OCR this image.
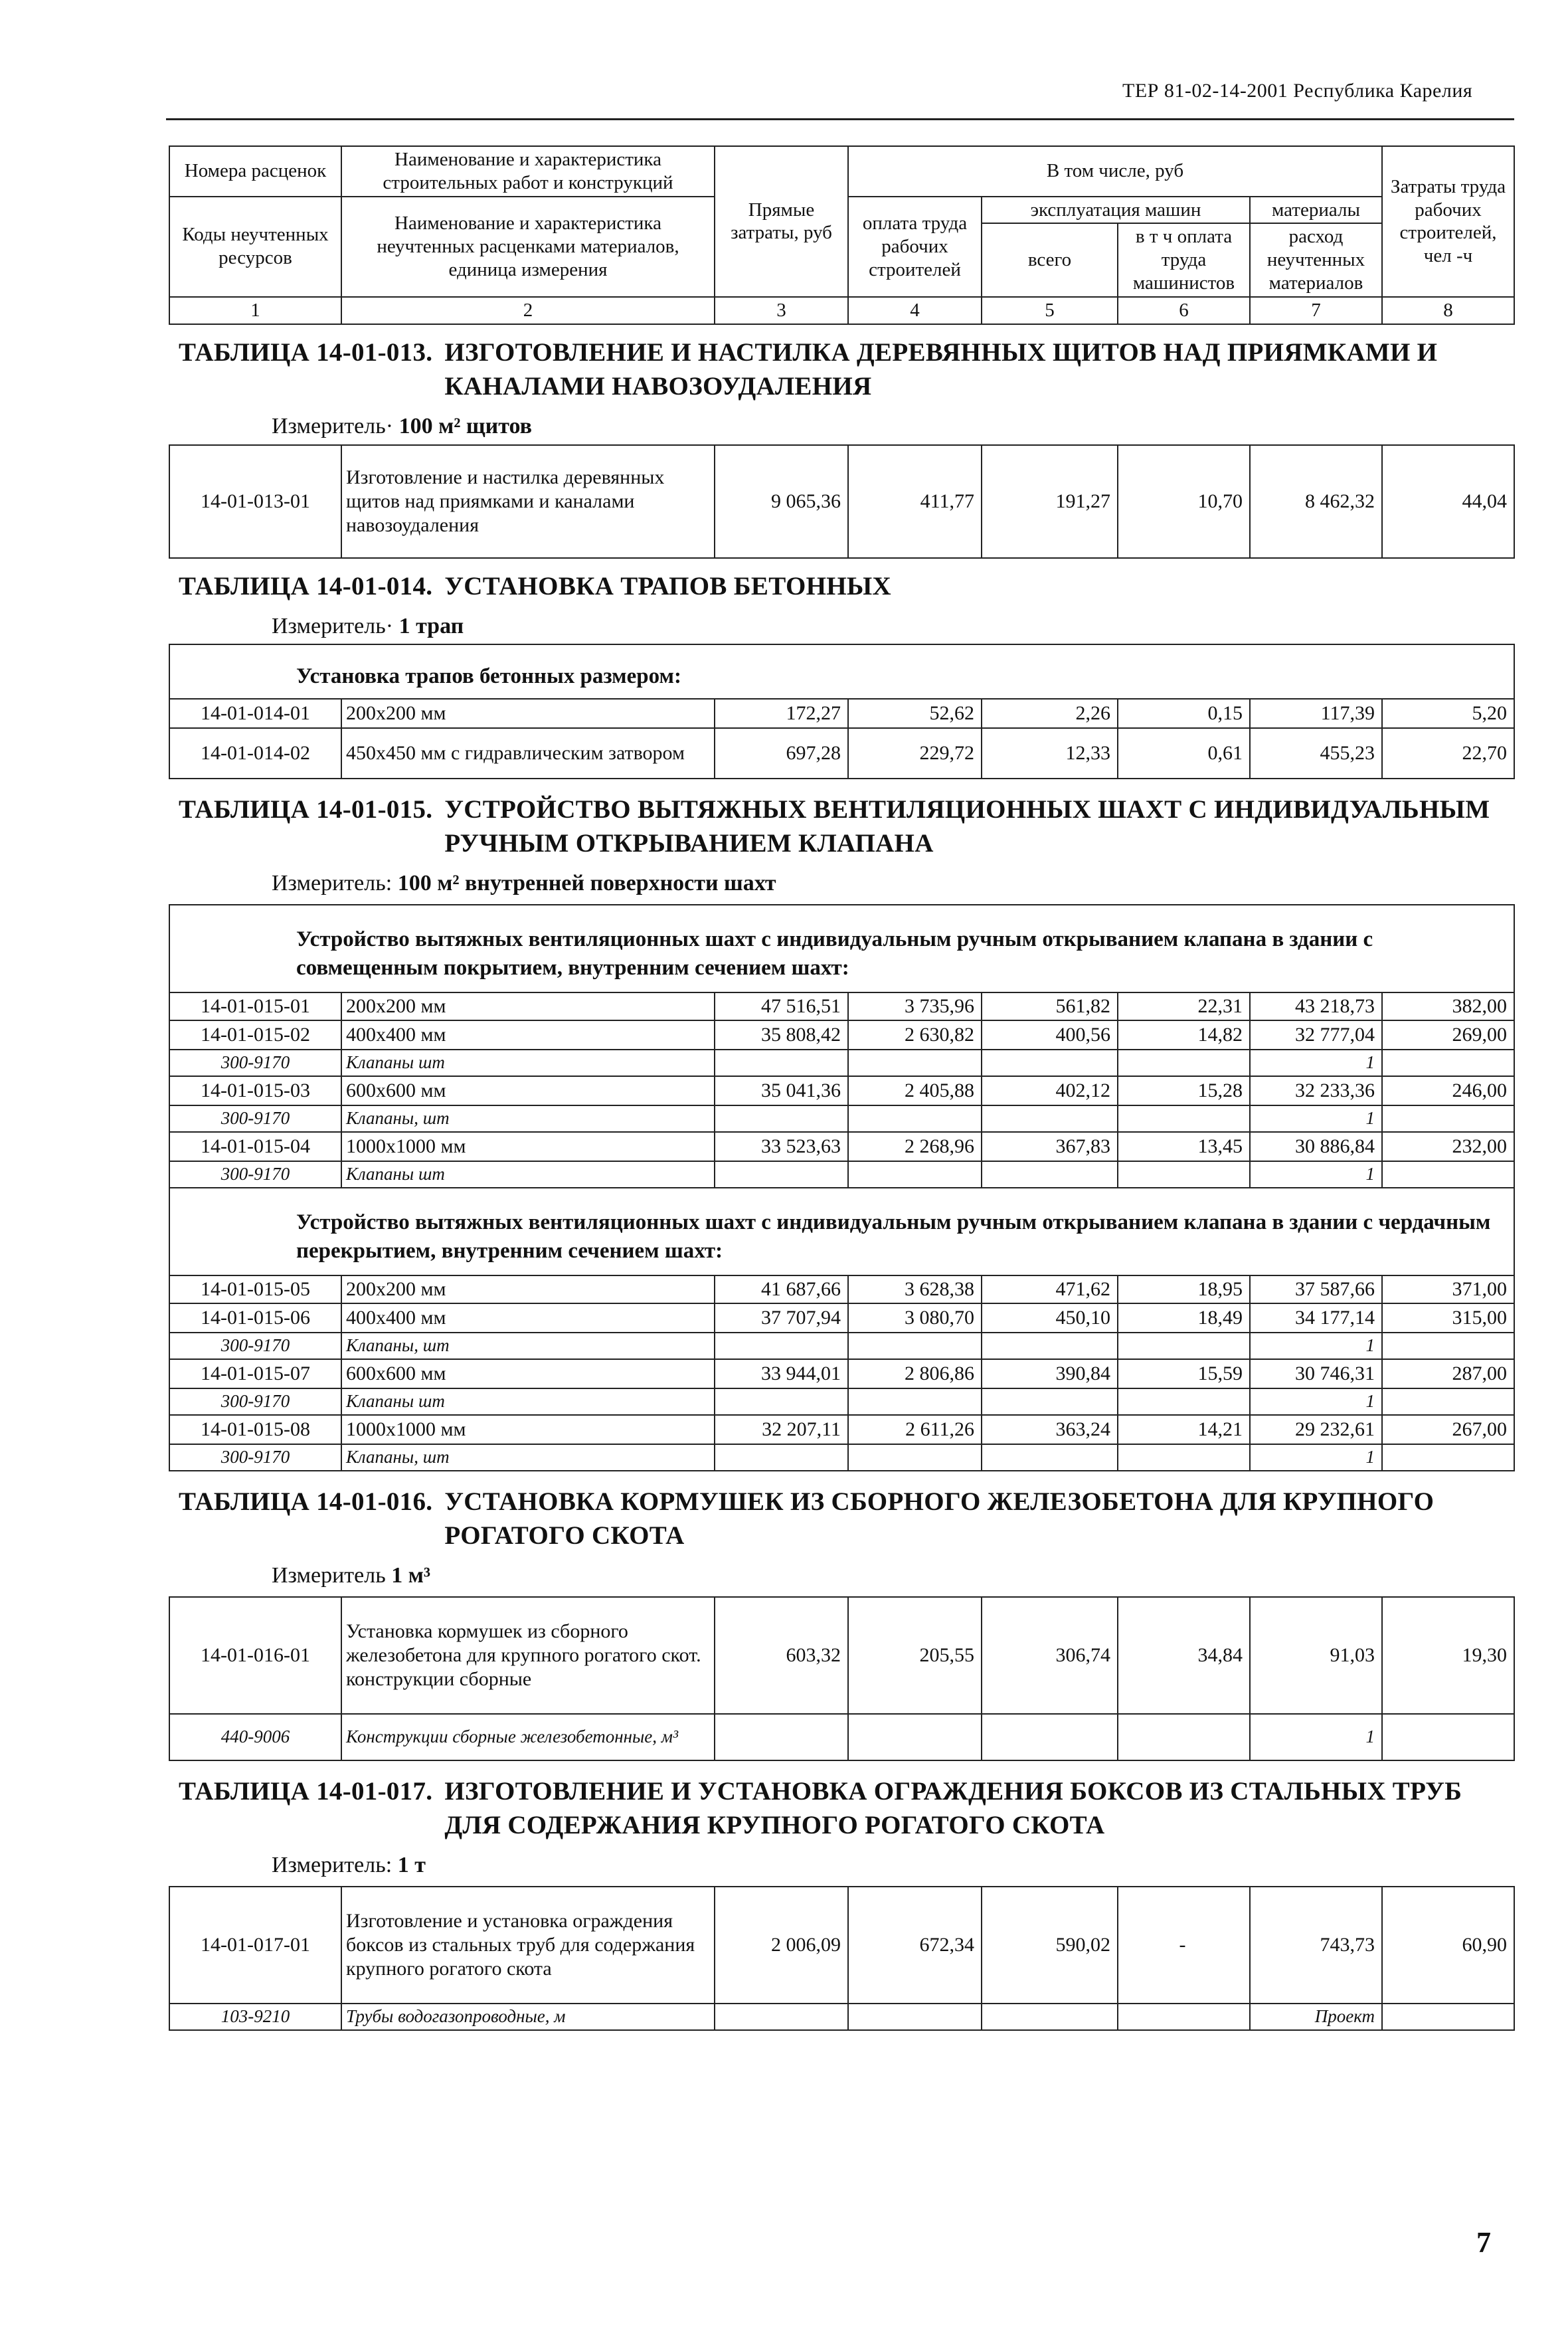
ТЕР 81-02-14-2001 Республика Карелия
Номера расценок	Наименование и характеристика строительных работ и конструкций	Прямые затраты, руб	В том числе, руб				Затраты труда рабочих строителей, чел -ч
Коды неучтенных ресурсов	Наименование и характеристика неучтенных расценками материалов, единица измерения		оплата труда рабочих строителей	эксплуатация машин		материалы	
				всего	в т ч оплата труда машинистов	расход неучтенных материалов	
1	2	3	4	5	6	7	8

ТАБЛИЦА 14-01-013. ИЗГОТОВЛЕНИЕ И НАСТИЛКА ДЕРЕВЯННЫХ ЩИТОВ НАД ПРИЯМКАМИ И КАНАЛАМИ НАВОЗОУДАЛЕНИЯ
Измеритель· 100 м² щитов							

14-01-013-01	Изготовление и настилка деревянных щитов над приямками и каналами навозоудаления	9 065,36	411,77	191,27	10,70	8 462,32	44,04

ТАБЛИЦА 14-01-014. УСТАНОВКА ТРАПОВ БЕТОННЫХ
Измеритель· 1 трап							

Установка трапов бетонных размером:							
14-01-014-01	200х200 мм	172,27	52,62	2,26	0,15	117,39	5,20
14-01-014-02	450х450 мм с гидравлическим затвором	697,28	229,72	12,33	0,61	455,23	22,70

ТАБЛИЦА 14-01-015. УСТРОЙСТВО ВЫТЯЖНЫХ ВЕНТИЛЯЦИОННЫХ ШАХТ С ИНДИВИДУАЛЬНЫМ РУЧНЫМ ОТКРЫВАНИЕМ КЛАПАНА
Измеритель: 100 м² внутренней поверхности шахт							

Устройство вытяжных вентиляционных шахт с индивидуальным ручным открыванием клапана в здании с совмещенным покрытием, внутренним сечением шахт:							
14-01-015-01	200х200 мм	47 516,51	3 735,96	561,82	22,31	43 218,73	382,00
14-01-015-02	400х400 мм	35 808,42	2 630,82	400,56	14,82	32 777,04	269,00
300-9170	Клапаны шт					1	
14-01-015-03	600х600 мм	35 041,36	2 405,88	402,12	15,28	32 233,36	246,00
300-9170	Клапаны, шт					1	
14-01-015-04	1000х1000 мм	33 523,63	2 268,96	367,83	13,45	30 886,84	232,00
300-9170	Клапаны шт					1	
Устройство вытяжных вентиляционных шахт с индивидуальным ручным открыванием клапана в здании с чердачным перекрытием, внутренним сечением шахт:							
14-01-015-05	200х200 мм	41 687,66	3 628,38	471,62	18,95	37 587,66	371,00
14-01-015-06	400х400 мм	37 707,94	3 080,70	450,10	18,49	34 177,14	315,00
300-9170	Клапаны, шт					1	
14-01-015-07	600х600 мм	33 944,01	2 806,86	390,84	15,59	30 746,31	287,00
300-9170	Клапаны шт					1	
14-01-015-08	1000х1000 мм	32 207,11	2 611,26	363,24	14,21	29 232,61	267,00
300-9170	Клапаны, шт					1	

ТАБЛИЦА 14-01-016. УСТАНОВКА КОРМУШЕК ИЗ СБОРНОГО ЖЕЛЕЗОБЕТОНА ДЛЯ КРУПНОГО РОГАТОГО СКОТА
Измеритель 1 м³							

14-01-016-01	Установка кормушек из сборного железобетона для крупного рогатого скот. конструкции сборные	603,32	205,55	306,74	34,84	91,03	19,30
440-9006	Конструкции сборные железобетонные, м³					1	

ТАБЛИЦА 14-01-017. ИЗГОТОВЛЕНИЕ И УСТАНОВКА ОГРАЖДЕНИЯ БОКСОВ ИЗ СТАЛЬНЫХ ТРУБ ДЛЯ СОДЕРЖАНИЯ КРУПНОГО РОГАТОГО СКОТА
Измеритель: 1 т							

14-01-017-01	Изготовление и установка ограждения боксов из стальных труб для содержания крупного рогатого скота	2 006,09	672,34	590,02	-	743,73	60,90
103-9210	Трубы водогазопроводные, м					Проект	
7
